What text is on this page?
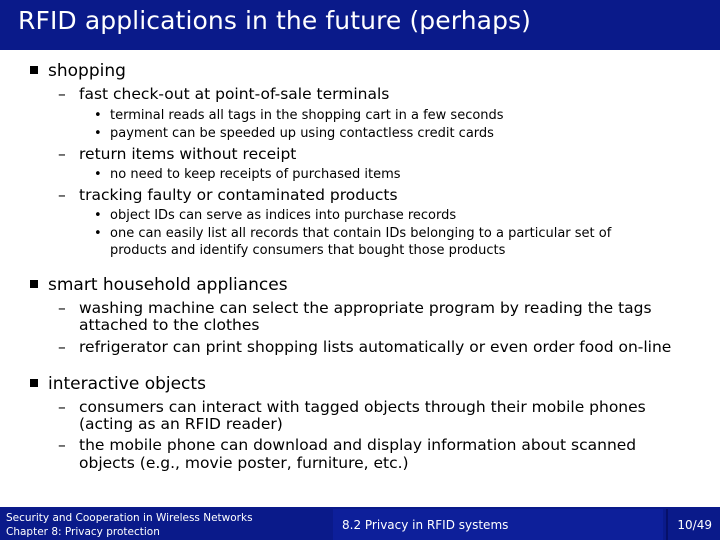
RFID applications in the future (perhaps)
shopping
– fast check-out at point-of-sale terminals
• terminal reads all tags in the shopping cart in a few seconds
• payment can be speeded up using contactless credit cards
– return items without receipt
• no need to keep receipts of purchased items
– tracking faulty or contaminated products
• object IDs can serve as indices into purchase records
• one can easily list all records that contain IDs belonging to a particular set of
products and identify consumers that bought those products
smart household appliances
– washing machine can select the appropriate program by reading the tags
attached to the clothes
– refrigerator can print shopping lists automatically or even order food on-line
interactive objects
– consumers can interact with tagged objects through their mobile phones
(acting as an RFID reader)
– the mobile phone can download and display information about scanned
objects (e.g., movie poster, furniture, etc.)
Security and Cooperation in Wireless Networks
Chapter 8: Privacy protection	8.2 Privacy in RFID systems	10/49
